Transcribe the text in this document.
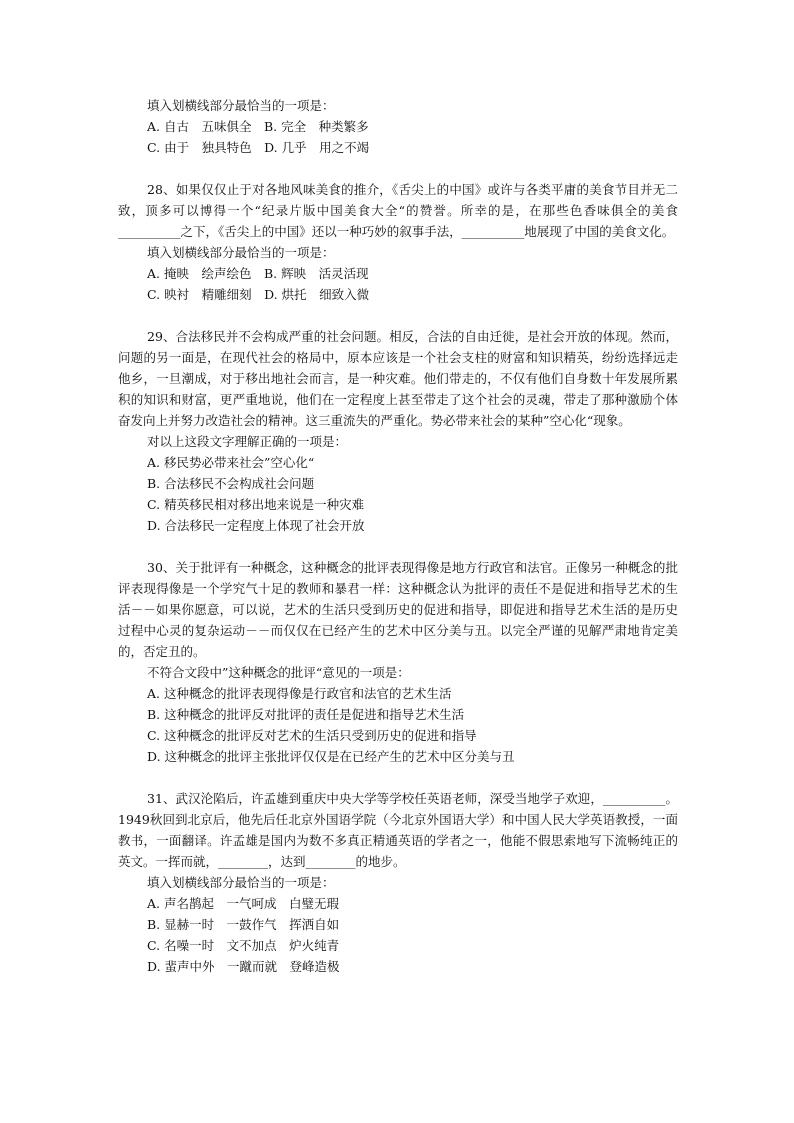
填入划横线部分最恰当的一项是：
A. 自古　五味俱全　B. 完全　种类繁多
C. 由于　独具特色　D. 几乎　用之不竭

28、如果仅仅止于对各地风味美食的推介，《舌尖上的中国》或许与各类平庸的美食节目并无二致，顶多可以博得一个“纪录片版中国美食大全“的赞誉。所幸的是，在那些色香味俱全的美食__________之下，《舌尖上的中国》还以一种巧妙的叙事手法，__________地展现了中国的美食文化。

填入划横线部分最恰当的一项是：
A. 掩映　绘声绘色　B. 辉映　活灵活现
C. 映衬　精雕细刻　D. 烘托　细致入微

29、合法移民并不会构成严重的社会问题。相反，合法的自由迁徙，是社会开放的体现。然而，问题的另一面是，在现代社会的格局中，原本应该是一个社会支柱的财富和知识精英，纷纷选择远走他乡，一旦潮成，对于移出地社会而言，是一种灾难。他们带走的，不仅有他们自身数十年发展所累积的知识和财富，更严重地说，他们在一定程度上甚至带走了这个社会的灵魂，带走了那种激励个体奋发向上并努力改造社会的精神。这三重流失的严重化。势必带来社会的某种”空心化“现象。

对以上这段文字理解正确的一项是：
A. 移民势必带来社会”空心化“
B. 合法移民不会构成社会问题
C. 精英移民相对移出地来说是一种灾难
D. 合法移民一定程度上体现了社会开放

30、关于批评有一种概念，这种概念的批评表现得像是地方行政官和法官。正像另一种概念的批评表现得像是一个学究气十足的教师和暴君一样：这种概念认为批评的责任不是促进和指导艺术的生活－－如果你愿意，可以说，艺术的生活只受到历史的促进和指导，即促进和指导艺术生活的是历史过程中心灵的复杂运动－－而仅仅在已经产生的艺术中区分美与丑。以完全严谨的见解严肃地肯定美的，否定丑的。

不符合文段中”这种概念的批评“意见的一项是：
A. 这种概念的批评表现得像是行政官和法官的艺术生活
B. 这种概念的批评反对批评的责任是促进和指导艺术生活
C. 这种概念的批评反对艺术的生活只受到历史的促进和指导
D. 这种概念的批评主张批评仅仅是在已经产生的艺术中区分美与丑

31、武汉沦陷后，许孟雄到重庆中央大学等学校任英语老师，深受当地学子欢迎，__________。1949秋回到北京后，他先后任北京外国语学院（今北京外国语大学）和中国人民大学英语教授，一面教书，一面翻译。许孟雄是国内为数不多真正精通英语的学者之一，他能不假思索地写下流畅纯正的英文。一挥而就，________，达到________的地步。

填入划横线部分最恰当的一项是：
A. 声名鹊起　一气呵成　白璧无瑕
B. 显赫一时　一鼓作气　挥洒自如
C. 名噪一时　文不加点　炉火纯青
D. 蜚声中外　一蹴而就　登峰造极
